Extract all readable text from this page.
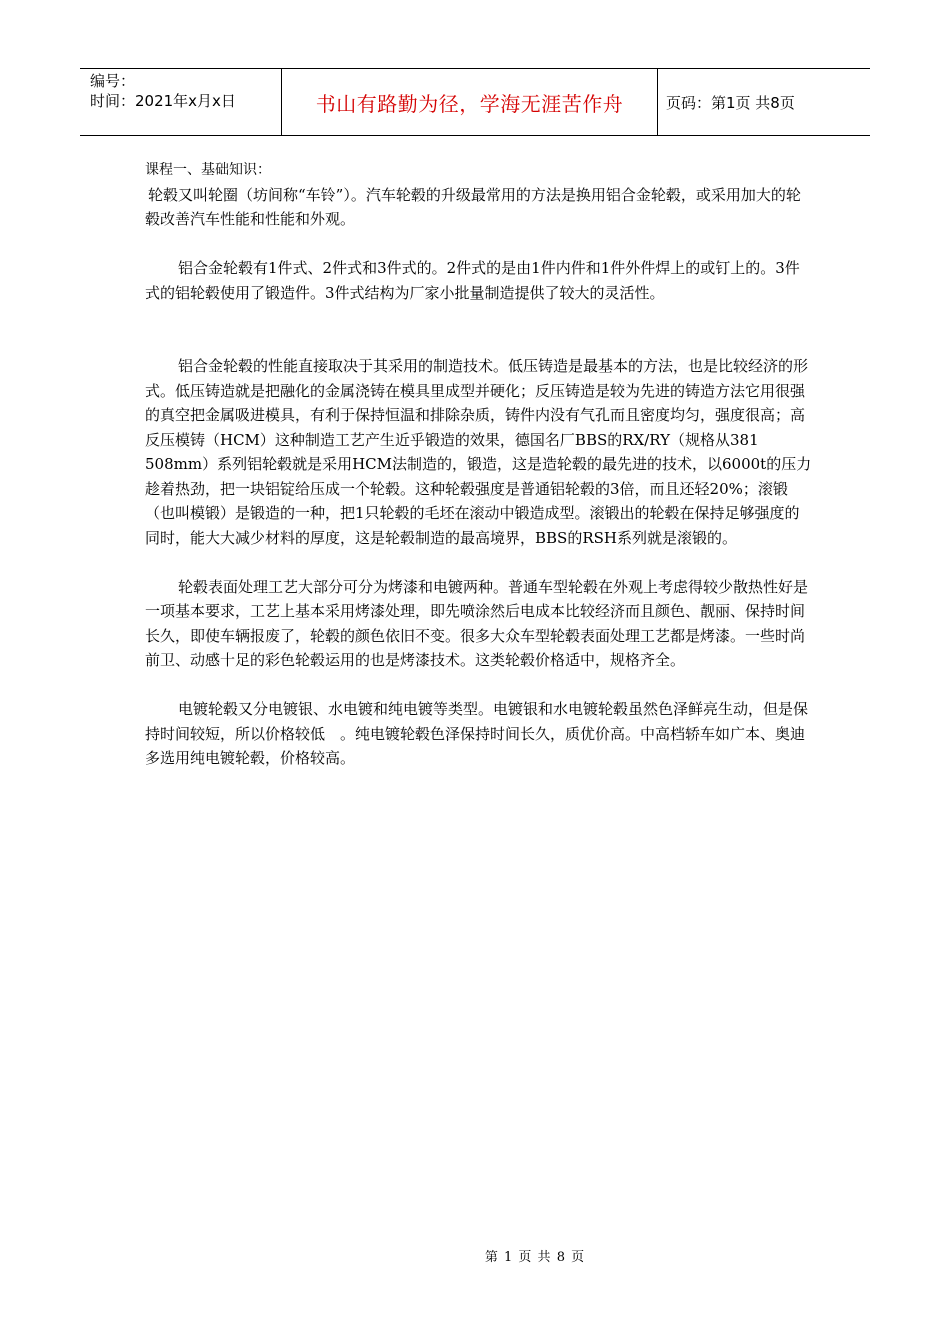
编号：
时间：2021年x月x日	书山有路勤为径，学海无涯苦作舟	页码：第1页 共8页

课程一、基础知识：

轮毂又叫轮圈（坊间称“车铃”）。汽车轮毂的升级最常用的方法是换用铝合金轮毂，或采用加大的轮毂改善汽车性能和性能和外观。

铝合金轮毂有1件式、2件式和3件式的。2件式的是由1件内件和1件外件焊上的或钉上的。3件式的铝轮毂使用了锻造件。3件式结构为厂家小批量制造提供了较大的灵活性。

铝合金轮毂的性能直接取决于其采用的制造技术。低压铸造是最基本的方法，也是比较经济的形式。低压铸造就是把融化的金属浇铸在模具里成型并硬化；反压铸造是较为先进的铸造方法它用很强的真空把金属吸进模具，有利于保持恒温和排除杂质，铸件内没有气孔而且密度均匀，强度很高；高反压模铸（HCM）这种制造工艺产生近乎锻造的效果，德国名厂BBS的RX/RY（规格从381 508mm）系列铝轮毂就是采用HCM法制造的，锻造，这是造轮毂的最先进的技术，以6000t的压力趁着热劲，把一块铝锭给压成一个轮毂。这种轮毂强度是普通铝轮毂的3倍，而且还轻20%；滚锻（也叫模锻）是锻造的一种，把1只轮毂的毛坯在滚动中锻造成型。滚锻出的轮毂在保持足够强度的同时，能大大减少材料的厚度，这是轮毂制造的最高境界，BBS的RSH系列就是滚锻的。

轮毂表面处理工艺大部分可分为烤漆和电镀两种。普通车型轮毂在外观上考虑得较少散热性好是一项基本要求，工艺上基本采用烤漆处理，即先喷涂然后电成本比较经济而且颜色、靓丽、保持时间长久，即使车辆报废了，轮毂的颜色依旧不变。很多大众车型轮毂表面处理工艺都是烤漆。一些时尚前卫、动感十足的彩色轮毂运用的也是烤漆技术。这类轮毂价格适中，规格齐全。

电镀轮毂又分电镀银、水电镀和纯电镀等类型。电镀银和水电镀轮毂虽然色泽鲜亮生动，但是保持时间较短，所以价格较低　。纯电镀轮毂色泽保持时间长久，质优价高。中高档轿车如广本、奥迪多选用纯电镀轮毂，价格较高。

第 1 页 共 8 页
